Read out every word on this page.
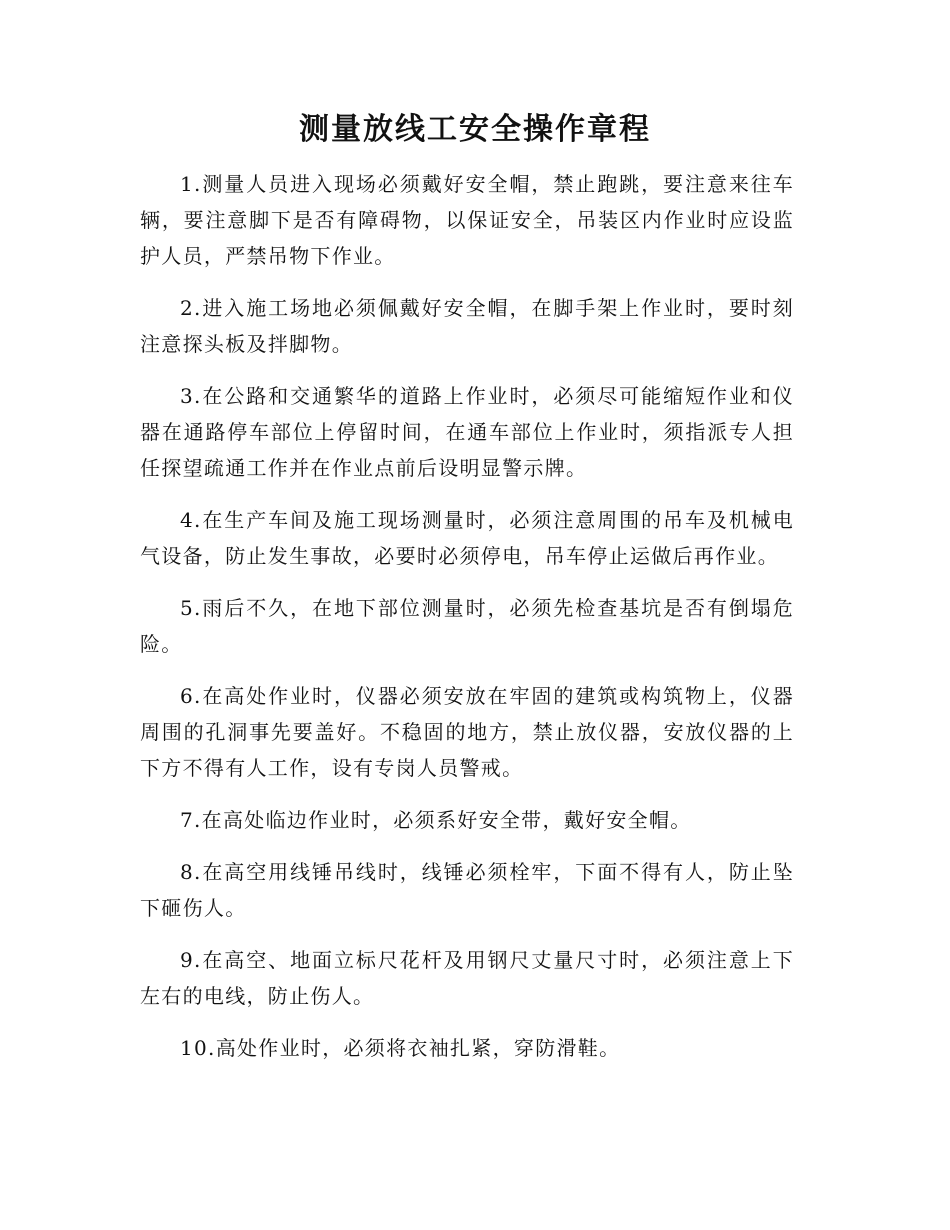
测量放线工安全操作章程

1.测量人员进入现场必须戴好安全帽，禁止跑跳，要注意来往车辆，要注意脚下是否有障碍物，以保证安全，吊装区内作业时应设监护人员，严禁吊物下作业。

2.进入施工场地必须佩戴好安全帽，在脚手架上作业时，要时刻注意探头板及拌脚物。

3.在公路和交通繁华的道路上作业时，必须尽可能缩短作业和仪器在通路停车部位上停留时间，在通车部位上作业时，须指派专人担任探望疏通工作并在作业点前后设明显警示牌。

4.在生产车间及施工现场测量时，必须注意周围的吊车及机械电气设备，防止发生事故，必要时必须停电，吊车停止运做后再作业。

5.雨后不久，在地下部位测量时，必须先检查基坑是否有倒塌危险。

6.在高处作业时，仪器必须安放在牢固的建筑或构筑物上，仪器周围的孔洞事先要盖好。不稳固的地方，禁止放仪器，安放仪器的上下方不得有人工作，设有专岗人员警戒。

7.在高处临边作业时，必须系好安全带，戴好安全帽。

8.在高空用线锤吊线时，线锤必须栓牢，下面不得有人，防止坠下砸伤人。

9.在高空、地面立标尺花杆及用钢尺丈量尺寸时，必须注意上下左右的电线，防止伤人。

10.高处作业时，必须将衣袖扎紧，穿防滑鞋。
